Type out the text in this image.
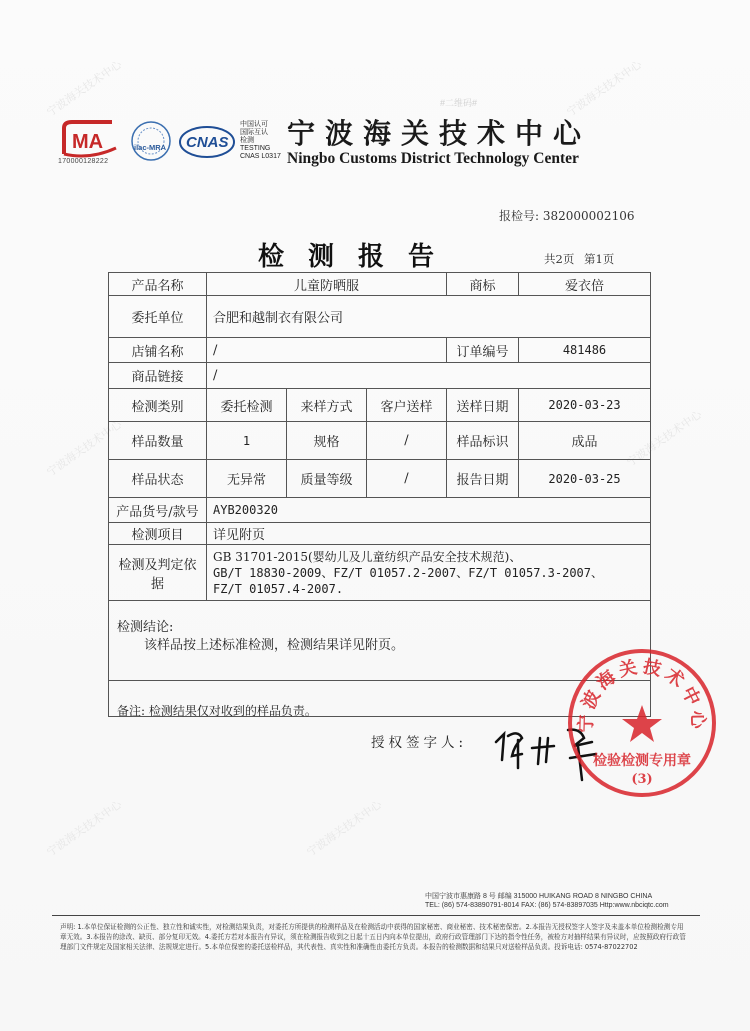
宁波海关技术中心	宁波海关技术中心
宁波海关技术中心	宁波海关技术中心
宁波海关技术中心	宁波海关技术中心
#二维码#
MA
170000128222
ilac-MRA CNAS
中国认可
国际互认
检测
TESTING
CNAS L0317
宁波海关技术中心
Ningbo Customs District Technology Center
报检号: 382000002106
检测报告	共2页 第1页
产品名称	儿童防晒服			商标	爱衣倍
委托单位	合肥和越制衣有限公司				
店铺名称	/			订单编号	481486
商品链接	/				
检测类别	委托检测	来样方式	客户送样	送样日期	2020-03-23
样品数量	1	规格	/	样品标识	成品
样品状态	无异常	质量等级	/	报告日期	2020-03-25
产品货号/款号	AYB200320				
检测项目	详见附页				
检测及判定依据	GB 31701-2015(婴幼儿及儿童纺织产品安全技术规范)、
GB/T 18830-2009、FZ/T 01057.2-2007、FZ/T 01057.3-2007、
FZ/T 01057.4-2007.				

检测结论:
该样品按上述标准检测，检测结果详见附页。
备注: 检测结果仅对收到的样品负责。
授权签字人:
宁波海关技术中心
检验检测专用章
(3)
中国宁波市惠康路 8 号 邮编 315000 HUIKANG ROAD 8 NINGBO CHINA
TEL: (86) 574-83890791-8014 FAX: (86) 574-83897035 Http:www.nbciqtc.com
声明: 1.本单位保证检测的公正性、独立性和诚实性，对检测结果负责，对委托方所提供的检测样品及在检测活动中获得的国家秘密、商业秘密、技术秘密保密。2.本报告无授权签字人签字及未盖本单位检测检测专用章无效。3.本报告的涂改、缺页、部分复印无效。4.委托方若对本报告有异议，须在检测报告收到之日起十五日内向本单位提出，政府行政管理部门下达的指令性任务，被检方对抽样结果有异议时，应按照政府行政管理部门文件规定及国家相关法律、法规规定进行。5.本单位保密的委托送检样品，其代表性、真实性和准确性由委托方负责。本报告的检测数据和结果只对送检样品负责。投诉电话: 0574-87022702
